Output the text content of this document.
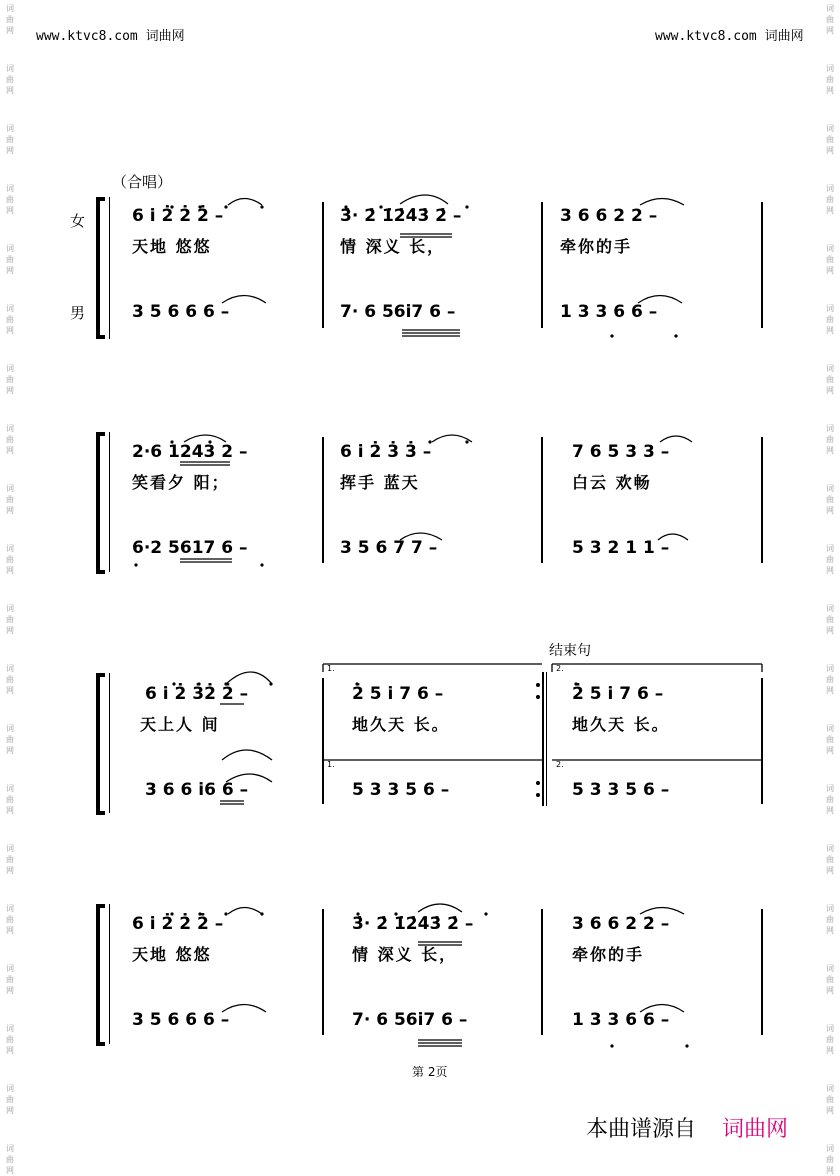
www.ktvc8.com 词曲网	www.ktvc8.com 词曲网
词
曲
网
词
曲
网
词
曲
网
词
曲
网
词
曲
网
词
曲
网
词
曲
网
词
曲
网
词
曲
网
词
曲
网
词
曲
网
词
曲
网
词
曲
网
词
曲
网
词
曲
网
词
曲
网
词
曲
网
词
曲
网
词
曲
网
词
曲
网
词
曲
网
词
曲
网
词
曲
网
词
曲
网
词
曲
网
词
曲
网
词
曲
网
词
曲
网
词
曲
网
词
曲
网
词
曲
网
词
曲
网
词
曲
网
词
曲
网
词
曲
网
词
曲
网
词
曲
网
词
曲
网
词
曲
网
词
曲
网
（合唱）
女
男
结束句
1.	2.
1.	2.
6 i̇ 2̇ 2̇ 2̇ –	3̇· 2̇ 1̇2̇4̇3̇ 2̇ –	3 6 6 2 2 –
天地 悠悠	情 深义 长，	牵你的手
3 5 6 6 6 –	7· 6 56i̇7 6 –	1 3 3 6 6 –
2·6 1243 2 –	6 i̇ 2̇ 3̇ 3̇ –	7 6 5 3 3 –
笑看夕 阳；	挥手 蓝天	白云 欢畅
6·2 5617 6 –	3 5 6 7 7 –	5 3 2 1 1 –
6 i̇ 2̇ 3̇2̇ 2̇ –	2̇ 5 i̇ 7 6 –	2̇ 5 i̇ 7 6 –
天上人 间	地久天 长。	地久天 长。
3 6 6 i̇6 6 –	5 3 3 5 6 –	5 3 3 5 6 –
6 i̇ 2̇ 2̇ 2̇ –	3̇· 2̇ 1̇2̇4̇3̇ 2̇ –	3 6 6 2 2 –
天地 悠悠	情 深义 长，	牵你的手
3 5 6 6 6 –	7· 6 56i̇7 6 –	1 3 3 6 6 –
第 2页
本曲谱源自 词曲网
